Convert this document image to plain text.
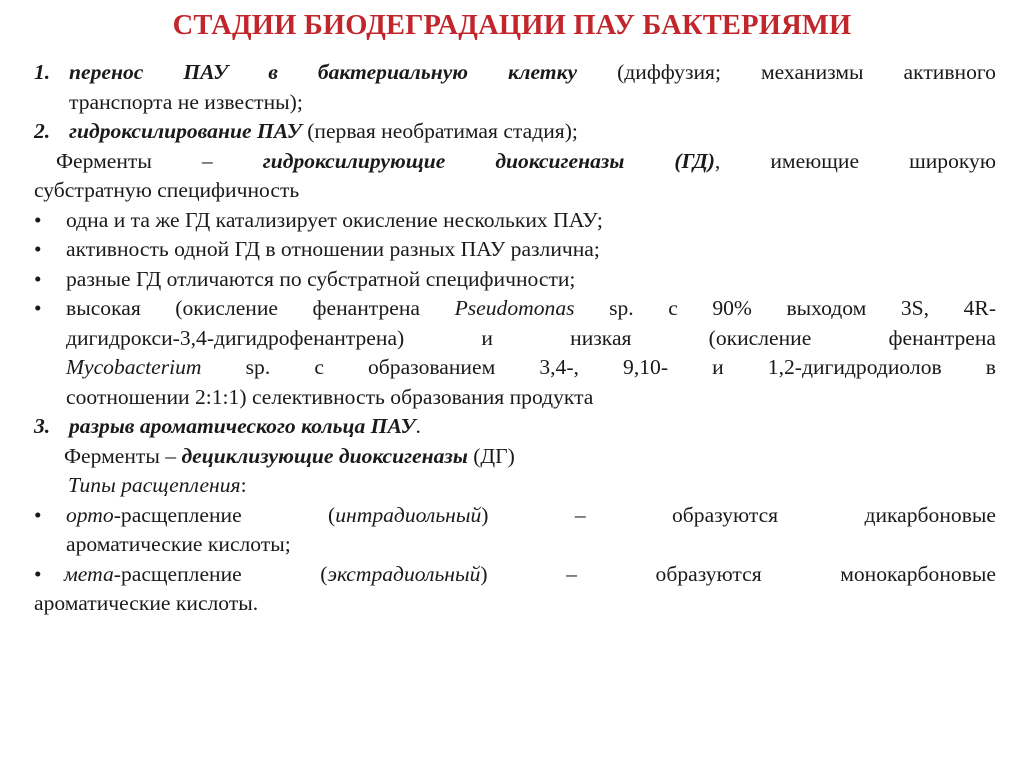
СТАДИИ БИОДЕГРАДАЦИИ ПАУ БАКТЕРИЯМИ
1. перенос ПАУ в бактериальную клетку (диффузия; механизмы активного
транспорта не известны);
2. гидроксилирование ПАУ (первая необратимая стадия);
Ферменты – гидроксилирующие диоксигеназы (ГД), имеющие широкую
субстратную специфичность
• одна и та же ГД катализирует окисление нескольких ПАУ;
• активность одной ГД в отношении разных ПАУ различна;
• разные ГД отличаются по субстратной специфичности;
• высокая (окисление фенантрена Pseudomonas sp. с 90% выходом 3S, 4R-
дигидрокси-3,4-дигидрофенантрена) и низкая (окисление фенантрена
Mycobacterium sp. с образованием 3,4-, 9,10- и 1,2-дигидродиолов в
соотношении 2:1:1) селективность образования продукта
3. разрыв ароматического кольца ПАУ.
Ферменты – дециклизующие диоксигеназы (ДГ)
Типы расщепления:
• орто-расщепление (интрадиольный) – образуются дикарбоновые
ароматические кислоты;
• мета-расщепление (экстрадиольный) – образуются монокарбоновые
ароматические кислоты.
